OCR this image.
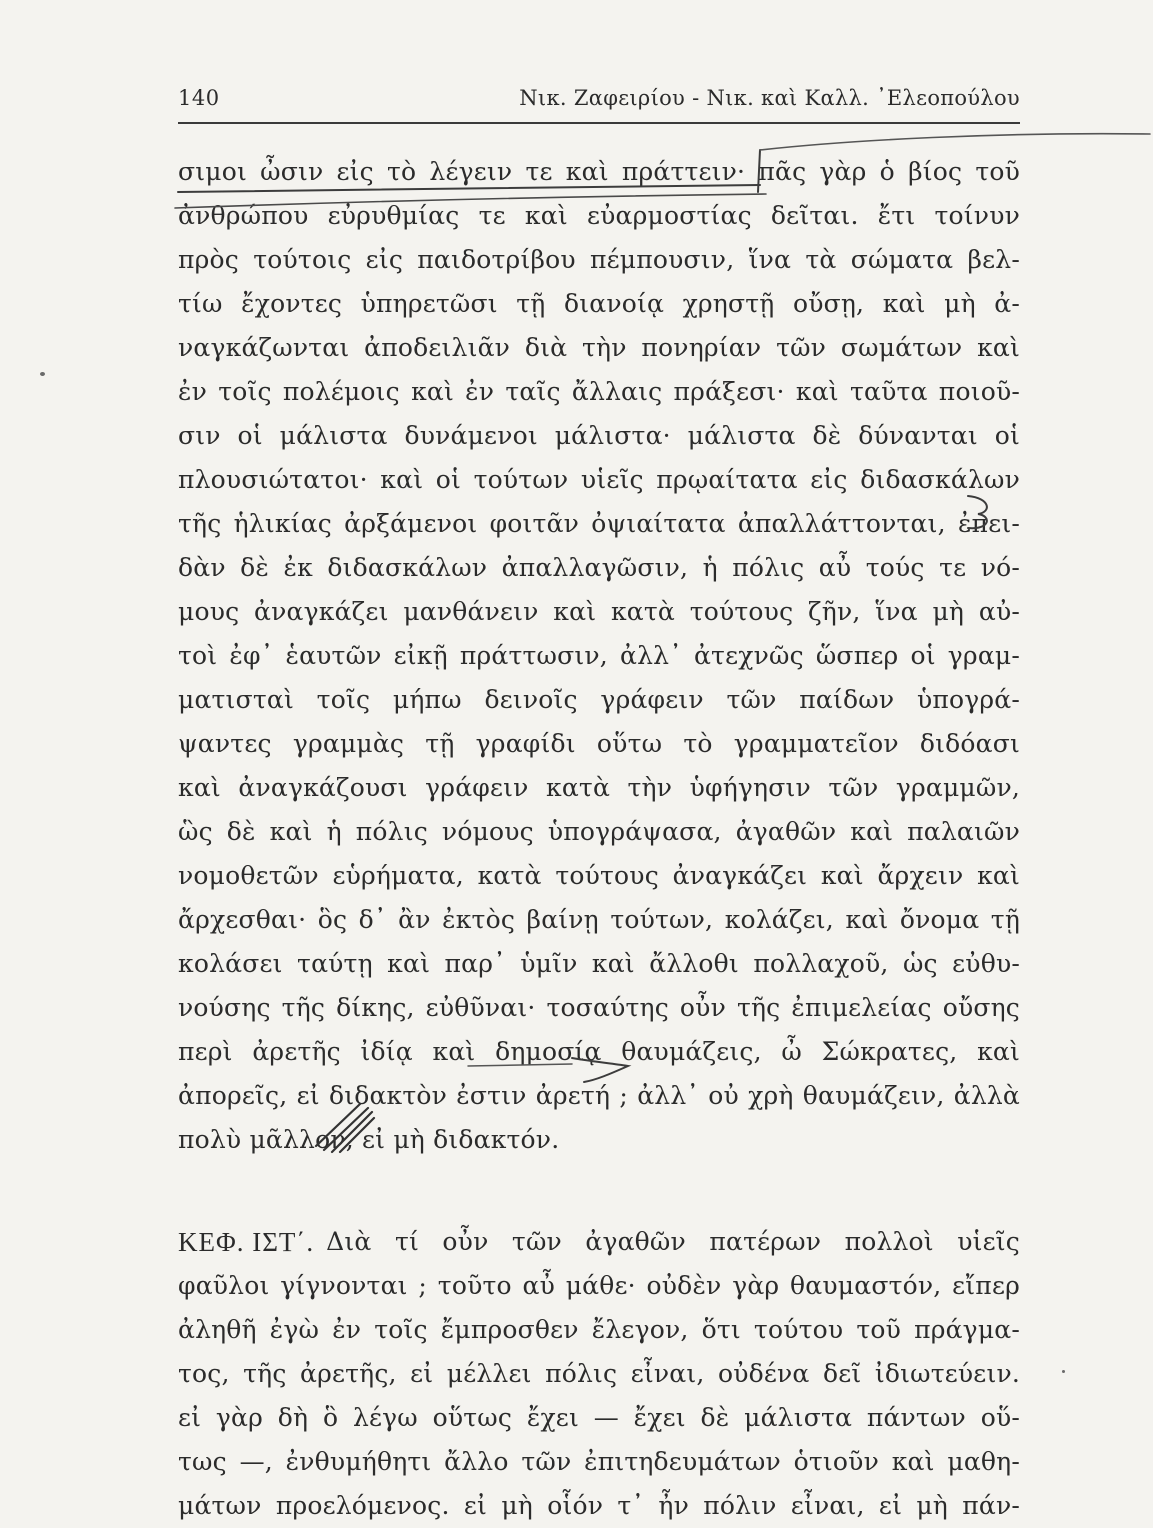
140	Νικ. Ζαφειρίου - Νικ. καὶ Καλλ. ᾿Ελεοπούλου
σιμοι ὦσιν εἰς τὸ λέγειν τε καὶ πράττειν· πᾶς γὰρ ὁ βίος τοῦ
ἀνθρώπου εὐρυθμίας τε καὶ εὐαρμοστίας δεῖται. ἔτι τοίνυν
πρὸς τούτοις εἰς παιδοτρίβου πέμπουσιν, ἵνα τὰ σώματα βελ-
τίω ἔχοντες ὑπηρετῶσι τῇ διανοίᾳ χρηστῇ οὔσῃ, καὶ μὴ ἀ-
ναγκάζωνται ἀποδειλιᾶν διὰ τὴν πονηρίαν τῶν σωμάτων καὶ
ἐν τοῖς πολέμοις καὶ ἐν ταῖς ἄλλαις πράξεσι· καὶ ταῦτα ποιοῦ-
σιν οἱ μάλιστα δυνάμενοι μάλιστα· μάλιστα δὲ δύνανται οἱ
πλουσιώτατοι· καὶ οἱ τούτων υἱεῖς πρῳαίτατα εἰς διδασκάλων
τῆς ἡλικίας ἀρξάμενοι φοιτᾶν ὀψιαίτατα ἀπαλλάττονται, ἐπει-
δὰν δὲ ἐκ διδασκάλων ἀπαλλαγῶσιν, ἡ πόλις αὖ τούς τε νό-
μους ἀναγκάζει μανθάνειν καὶ κατὰ τούτους ζῆν, ἵνα μὴ αὐ-
τοὶ ἐφ᾿ ἑαυτῶν εἰκῇ πράττωσιν, ἀλλ᾿ ἀτεχνῶς ὥσπερ οἱ γραμ-
ματισταὶ τοῖς μήπω δεινοῖς γράφειν τῶν παίδων ὑπογρά-
ψαντες γραμμὰς τῇ γραφίδι οὕτω τὸ γραμματεῖον διδόασι
καὶ ἀναγκάζουσι γράφειν κατὰ τὴν ὑφήγησιν τῶν γραμμῶν,
ὣς δὲ καὶ ἡ πόλις νόμους ὑπογράψασα, ἀγαθῶν καὶ παλαιῶν
νομοθετῶν εὑρήματα, κατὰ τούτους ἀναγκάζει καὶ ἄρχειν καὶ
ἄρχεσθαι· ὃς δ᾿ ἂν ἐκτὸς βαίνῃ τούτων, κολάζει, καὶ ὄνομα τῇ
κολάσει ταύτῃ καὶ παρ᾿ ὑμῖν καὶ ἄλλοθι πολλαχοῦ, ὡς εὐθυ-
νούσης τῆς δίκης, εὐθῦναι· τοσαύτης οὖν τῆς ἐπιμελείας οὔσης
περὶ ἀρετῆς ἰδίᾳ καὶ δημοσίᾳ θαυμάζεις, ὦ Σώκρατες, καὶ
ἀπορεῖς, εἰ διδακτὸν ἐστιν ἀρετή ; ἀλλ᾿ οὐ χρὴ θαυμάζειν, ἀλλὰ
πολὺ μᾶλλον, εἰ μὴ διδακτόν.
ΚΕΦ. ΙΣΤ΄. Διὰ τί οὖν τῶν ἀγαθῶν πατέρων πολλοὶ υἱεῖς
φαῦλοι γίγνονται ; τοῦτο αὖ μάθε· οὐδὲν γὰρ θαυμαστόν, εἴπερ
ἀληθῆ ἐγὼ ἐν τοῖς ἔμπροσθεν ἔλεγον, ὅτι τούτου τοῦ πράγμα-
τος, τῆς ἀρετῆς, εἰ μέλλει πόλις εἶναι, οὐδένα δεῖ ἰδιωτεύειν.
εἰ γὰρ δὴ ὃ λέγω οὕτως ἔχει — ἔχει δὲ μάλιστα πάντων οὕ-
τως —, ἐνθυμήθητι ἄλλο τῶν ἐπιτηδευμάτων ὁτιοῦν καὶ μαθη-
μάτων προελόμενος. εἰ μὴ οἷόν τ᾿ ἦν πόλιν εἶναι, εἰ μὴ πάν-
